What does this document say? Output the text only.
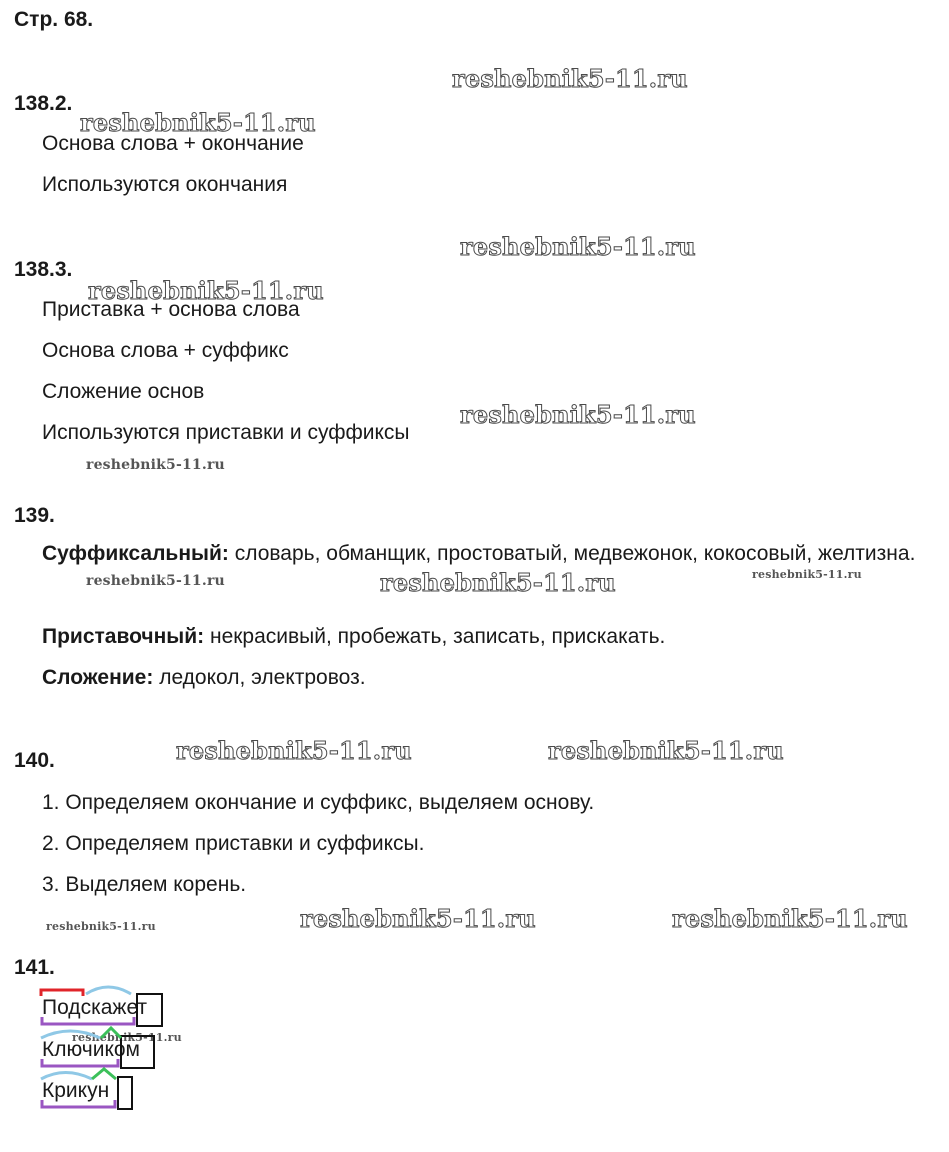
Стр. 68.
reshebnik5-11.ru
reshebnik5-11.ru
reshebnik5-11.ru
reshebnik5-11.ru
reshebnik5-11.ru
reshebnik5-11.ru
reshebnik5-11.ru	reshebnik5-11.ru	reshebnik5-11.ru
reshebnik5-11.ru	reshebnik5-11.ru
reshebnik5-11.ru	reshebnik5-11.ru	reshebnik5-11.ru
reshebnik5-11.ru
138.2.
Основа слова + окончание
Используются окончания
138.3.
Приставка + основа слова
Основа слова + суффикс
Сложение основ
Используются приставки и суффиксы
139.
Суффиксальный: словарь, обманщик, простоватый, медвежонок, кокосовый, желтизна.
Приставочный: некрасивый, пробежать, записать, прискакать.
Сложение: ледокол, электровоз.
140.
1. Определяем окончание и суффикс, выделяем основу.
2. Определяем приставки и суффиксы.
3. Выделяем корень.
141.
Подскажет
Ключиком
Крикун
